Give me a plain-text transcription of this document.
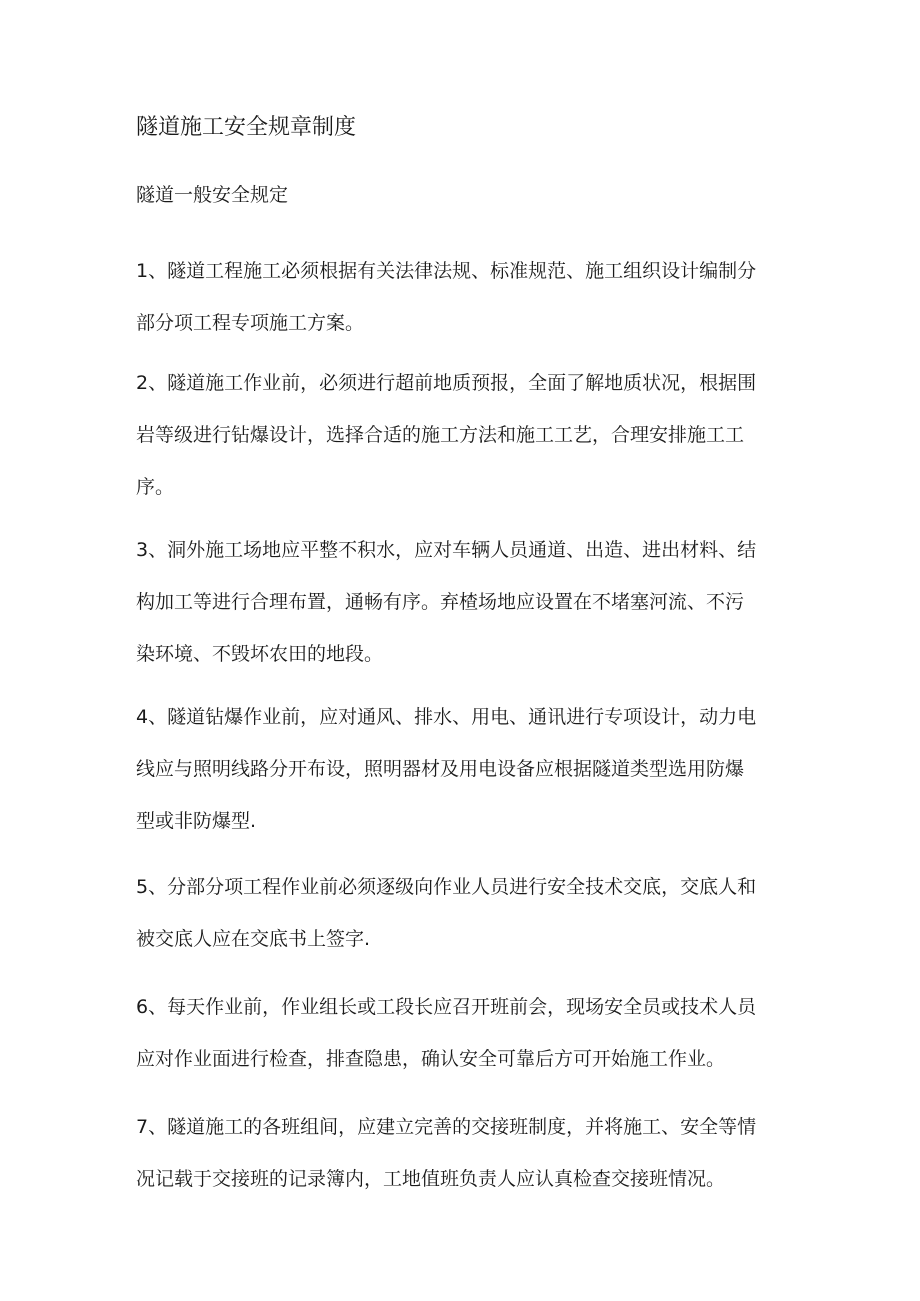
隧道施工安全规章制度
隧道一般安全规定
1、隧道工程施工必须根据有关法律法规、标准规范、施工组织设计编制分
部分项工程专项施工方案。
2、隧道施工作业前，必须进行超前地质预报，全面了解地质状况，根据围
岩等级进行钻爆设计，选择合适的施工方法和施工工艺，合理安排施工工
序。
3、洞外施工场地应平整不积水，应对车辆人员通道、出造、进出材料、结
构加工等进行合理布置，通畅有序。弃楂场地应设置在不堵塞河流、不污
染环境、不毁坏农田的地段。
4、隧道钻爆作业前，应对通风、排水、用电、通讯进行专项设计，动力电
线应与照明线路分开布设，照明器材及用电设备应根据隧道类型选用防爆
型或非防爆型.
5、分部分项工程作业前必须逐级向作业人员进行安全技术交底，交底人和
被交底人应在交底书上签字.
6、每天作业前，作业组长或工段长应召开班前会，现场安全员或技术人员
应对作业面进行检查，排查隐患，确认安全可靠后方可开始施工作业。
7、隧道施工的各班组间，应建立完善的交接班制度，并将施工、安全等情
况记载于交接班的记录簿内，工地值班负责人应认真检查交接班情况。
